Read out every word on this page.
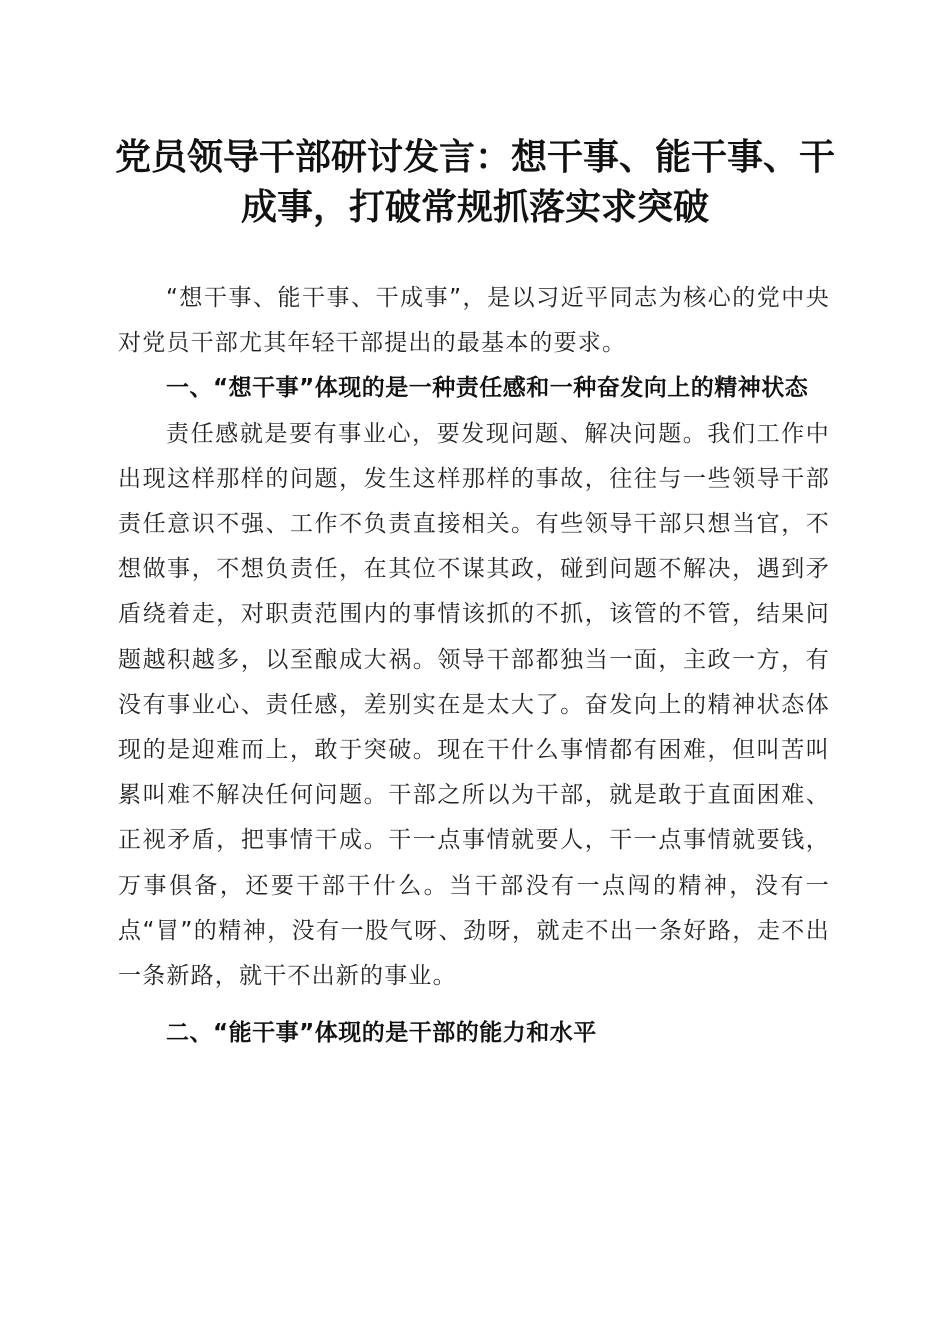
党员领导干部研讨发言：想干事、能干事、干
成事，打破常规抓落实求突破

“想干事、能干事、干成事”，是以习近平同志为核心的党中央对党员干部尤其年轻干部提出的最基本的要求。

一、“想干事”体现的是一种责任感和一种奋发向上的精神状态

责任感就是要有事业心，要发现问题、解决问题。我们工作中出现这样那样的问题，发生这样那样的事故，往往与一些领导干部责任意识不强、工作不负责直接相关。有些领导干部只想当官，不想做事，不想负责任，在其位不谋其政，碰到问题不解决，遇到矛盾绕着走，对职责范围内的事情该抓的不抓，该管的不管，结果问题越积越多，以至酿成大祸。领导干部都独当一面，主政一方，有没有事业心、责任感，差别实在是太大了。奋发向上的精神状态体现的是迎难而上，敢于突破。现在干什么事情都有困难，但叫苦叫累叫难不解决任何问题。干部之所以为干部，就是敢于直面困难、正视矛盾，把事情干成。干一点事情就要人，干一点事情就要钱，万事俱备，还要干部干什么。当干部没有一点闯的精神，没有一点“冒”的精神，没有一股气呀、劲呀，就走不出一条好路，走不出一条新路，就干不出新的事业。

二、“能干事”体现的是干部的能力和水平
